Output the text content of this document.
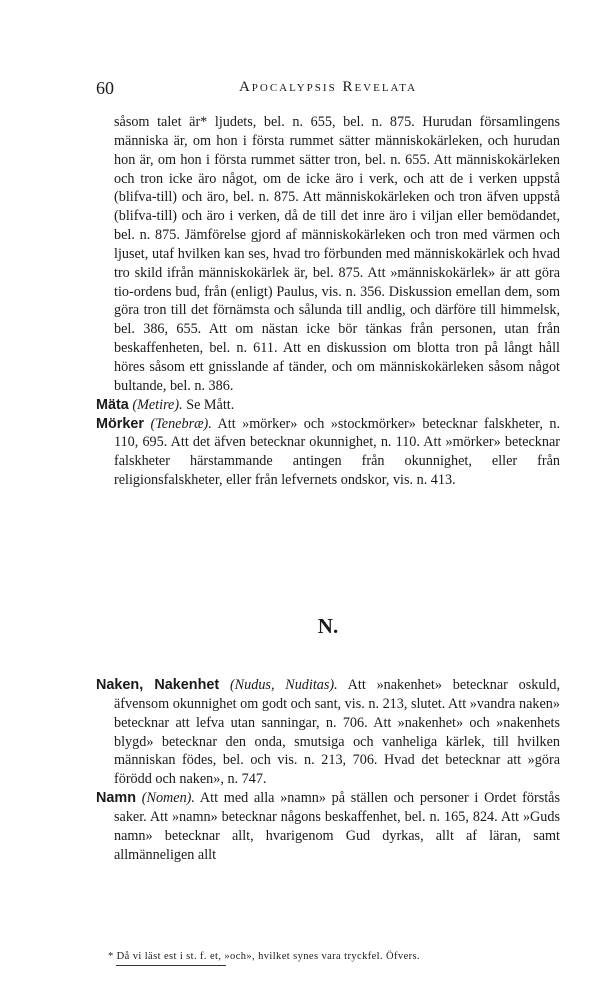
60	Apocalypsis Revelata

såsom talet är* ljudets, bel. n. 655, bel. n. 875. Hurudan församlingens människa är, om hon i första rummet sätter människokärleken, och hurudan hon är, om hon i första rummet sätter tron, bel. n. 655. Att människokärleken och tron icke äro något, om de icke äro i verk, och att de i verken uppstå (blifva-till) och äro, bel. n. 875. Att människokärleken och tron äfven uppstå (blifva-till) och äro i verken, då de till det inre äro i viljan eller bemödandet, bel. n. 875. Jämförelse gjord af människokärleken och tron med värmen och ljuset, utaf hvilken kan ses, hvad tro förbunden med människokärlek och hvad tro skild ifrån människokärlek är, bel. 875. Att »människokärlek» är att göra tio-ordens bud, från (enligt) Paulus, vis. n. 356. Diskussion emellan dem, som göra tron till det förnämsta och sålunda till andlig, och därföre till himmelsk, bel. 386, 655. Att om nästan icke bör tänkas från personen, utan från beskaffenheten, bel. n. 611. Att en diskussion om blotta tron på långt håll höres såsom ett gnisslande af tänder, och om människokärleken såsom något bultande, bel. n. 386.

Mäta (Metire). Se Mått.

Mörker (Tenebræ). Att »mörker» och »stockmörker» betecknar falskheter, n. 110, 695. Att det äfven betecknar okunnighet, n. 110. Att »mörker» betecknar falskheter härstammande antingen från okunnighet, eller från religionsfalskheter, eller från lefvernets ondskor, vis. n. 413.

N.

Naken, Nakenhet (Nudus, Nuditas). Att »nakenhet» betecknar oskuld, äfvensom okunnighet om godt och sant, vis. n. 213, slutet. Att »vandra naken» betecknar att lefva utan sanningar, n. 706. Att »nakenhet» och »nakenhets blygd» betecknar den onda, smutsiga och vanheliga kärlek, till hvilken människan födes, bel. och vis. n. 213, 706. Hvad det betecknar att »göra förödd och naken», n. 747.

Namn (Nomen). Att med alla »namn» på ställen och personer i Ordet förstås saker. Att »namn» betecknar någons beskaffenhet, bel. n. 165, 824. Att »Guds namn» betecknar allt, hvarigenom Gud dyrkas, allt af läran, samt allmänneligen allt

* Då vi läst est i st. f. et, »och», hvilket synes vara tryckfel. Öfvers.
